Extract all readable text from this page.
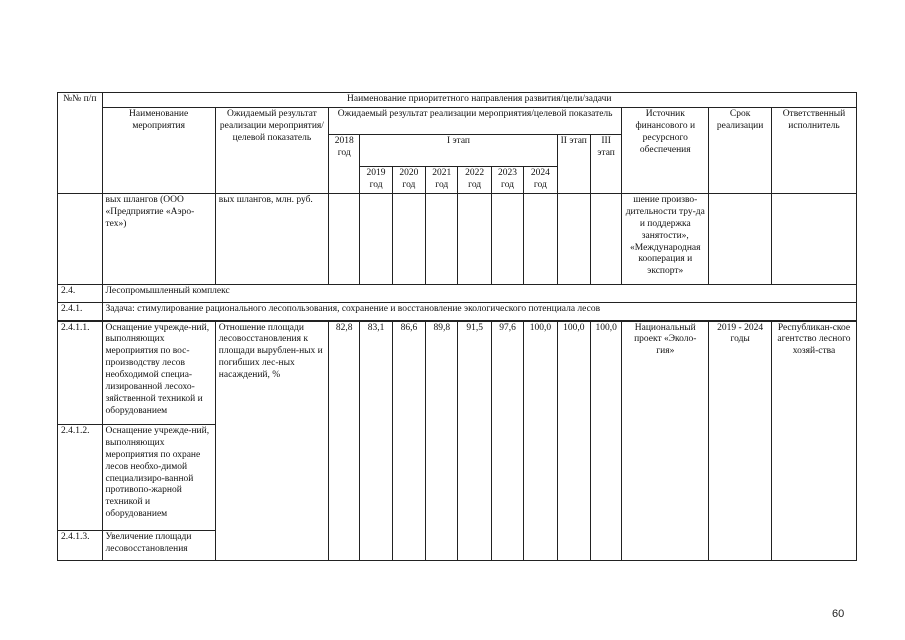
№№ п/п	Наименование приоритетного направления развития/цели/задачи													
	Наименование мероприятия	Ожидаемый результат реализации мероприятия/целевой показатель	Ожидаемый результат реализации мероприятия/целевой показатель									Источник финансового и ресурсного обеспечения	Срок реализации	Ответственный исполнитель
			2018 год	I этап						II этап	III этап			
				2019 год	2020 год	2021 год	2022 год	2023 год	2024 год					
	вых шлангов (ООО «Предприятие «Аэро-тех»)	вых шлангов, млн. руб.										шение произво-дительности тру-да и поддержка занятости», «Международная кооперация и экспорт»		
2.4.	Лесопромышленный комплекс													
2.4.1.	Задача: стимулирование рационального лесопользования, сохранение и восстановление экологического потенциала лесов													
2.4.1.1.	Оснащение учрежде-ний, выполняющих мероприятия по вос-производству лесов необходимой специа-лизированной лесохо-зяйственной техникой и оборудованием	Отношение площади лесовосстановления к площади вырублен-ных и погибших лес-ных насаждений, %	82,8	83,1	86,6	89,8	91,5	97,6	100,0	100,0	100,0	Национальный проект «Эколо-гия»	2019 - 2024 годы	Республикан-ское агентство лесного хозяй-ства
2.4.1.2.	Оснащение учрежде-ний, выполняющих мероприятия по охране лесов необхо-димой специализиро-ванной противопо-жарной техникой и оборудованием													
2.4.1.3.	Увеличение площади лесовосстановления													
60
